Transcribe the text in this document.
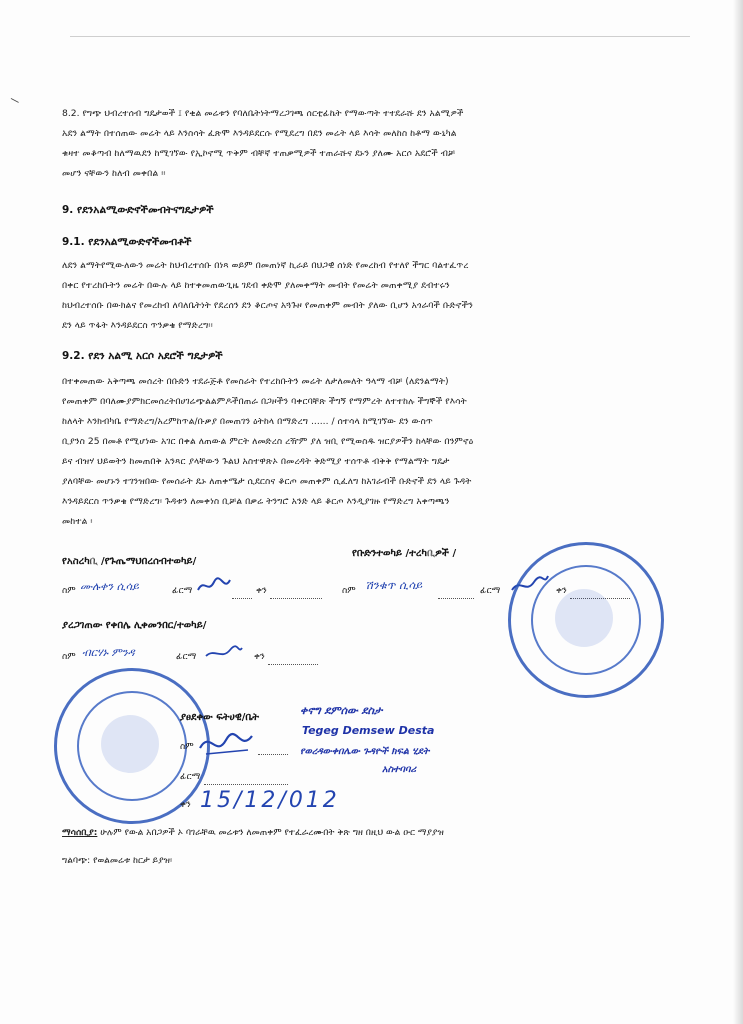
∖
8.2. የግጭ ህብረተሰብ ግዴታወች ፤ የቂል መሬቱን የባለቤትነትማረጋገጫ ሰርቲፊኬት የማውጣት ተተደራሹ ደን አልሚዎች
አደን ልማት በተሰጠው መሬት ላይ እንስሳት ፈጽሞ እንዳይደርሱ የሚደረግ በደን መሬት ላይ እሳት መለከስ ከቶማ ውኒካል
ቁዛተ መቆጣብ ከለማዉደን ከሚገኘው የኢኮኖሚ ጥቅም ብቸኛ ተጠቃሚዎች ተጠራሹና ደኑን ያለሙ አርሶ አደሮች ብቻ
መሆን ናቸውን ከለብ መቀበል ፡፡
9. የደንአልሚውድኖችመብትናግዴታዎች
9.1. የደንአልሚውድኖችመብቶች
ለደን ልማትየሚውለውን መሬት ከህብረተሰቡ በነጻ ወይም በመጠነኛ ኪራይ በህጋዊ ሰነድ የመረከብ የተለየ ችግር ባልተፈጥረ
በቀር የተረከቡትን መሬት በውሉ ላይ ከተቀመጠውጊዜ ገደብ ቀድሞ ያለመቀማት መብት የመሬት መጠቀሚያ ደብተሩን
ከህብረተሰቡ በውክልና የመረከብ ለባለቤትነት የደረሰን ደን ቆርጦና አጓጉዞ የመጠቀም መብት ያለው ቢሆን አጎራባች ቡድኖችን
ደን ላይ ጥፋት እንዳይደርስ ጥንቃቄ የማድረግ፡፡
9.2. የደን አልሚ አርሶ አደሮች ግዴታዎች
በተቀመጠው አቅጣጫ መሰረት በቡድን ተደራጅቶ የመስራት የተረከቡትን መሬት ለታለመለት ዓላማ ብቻ (ለደንልማት)
የመጠቀም በባለሙያምክርመሰረትበሀገሬጭልልምዶችበጠራ በጋዞችን ባቀርባቸጽ ችግኝ የማምረት ለተተከሉ ችግኞች የእሳት
ከለላት እንክብካቤ የማድረግ/አረምከጥል/ቡቃያ በመጠገን ዕትከላ በማድረግ ...... / ሰተሳላ ከሚገኘው ደን ውስጥ
ቢያንስ 25 በመቶ የሚሆነው አገር በቀል ለጠውል ምርት ለመድረስ ረዥም ያለ ዝቢ የሚወስዱ ዝርያዎችን ከላቸው በንምኖዕ
ይና ብዝሃ ህይወትን ከመጠበቅ አንጻር ያላቸውን ጉልህ አስተዋጽኦ በመረዳት ቅድሚያ ተሰጥቶ ብቅቅ የማልማት ግዴታ
ያለባቸው መሆኑን ተገንዝበው የመሰራት ዴኑ ለጠቀሜታ ሲደርስና ቆርጦ መጠቀም ሲፈለግ ከአገራብች ቡድኖች ደን ላይ ጉዳት
እንዳይደርስ ጥንቃቄ የማድረግ፡ ጉዳቱን ለመቀነስ ቢቻል በቃሬ ትንግሮ አንድ ላይ ቆርጦ እንዲያገዙ የማድረግ አቀጣጫን
መከተል ፡
የአስረካቢ /የጉጤማህበረሰብተወካይ/
ስም ሙሉቀን ሲሳይ	ፊርማ	ቀን
የቡድንተወካይ /ተረካቢዎች /
ስም ሽንቁጥ ሲሳይ	ፊርማ	ቀን
ያረጋገጠው የቀበሌ ሊቀመንበር/ተወካይ/
ስም ብርሃኑ ምንዳ	ፊርማ	ቀን
ያፀደቀው ፍትሀዊ/ቤት
ስም
ፊርማ
ቀን 15/12/012
ቀኖግ ደምሰው ደስታ
Tegeg Demsew Desta
የወረዳውቀበሌው ጉዳዮች ክፍል ሂደት
አስተባባሪ
ማሳሰቢያ: ሁሉም የውል አበጋዎች ኦ ባገራቸዉ መሬቱን ለመጠቀም የተፈራረሙበት ቅጽ ግዘ በዚህ ውል ዑር ማያያዝ
ግልባጭ: የወልመሬቱ ከርታ ይያዝ፡
